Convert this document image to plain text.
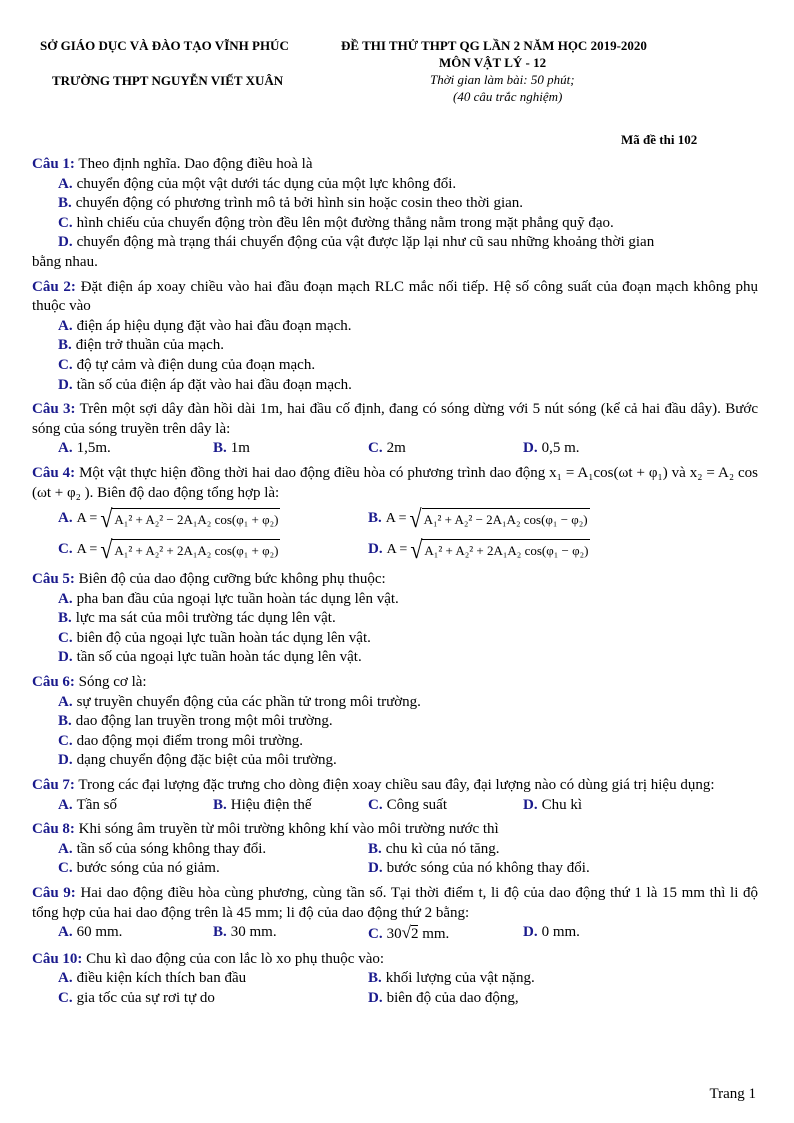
SỞ GIÁO DỤC VÀ ĐÀO TẠO VĨNH PHÚC
TRƯỜNG THPT NGUYỄN VIẾT XUÂN
ĐỀ THI THỬ THPT QG LẦN 2 NĂM HỌC 2019-2020
MÔN VẬT LÝ - 12
Thời gian làm bài: 50 phút;
(40 câu trắc nghiệm)
Mã đề thi 102
Câu 1: Theo định nghĩa. Dao động điều hoà là
A. chuyển động của một vật dưới tác dụng của một lực không đổi.
B. chuyển động có phương trình mô tả bởi hình sin hoặc cosin theo thời gian.
C. hình chiếu của chuyển động tròn đều lên một đường thẳng nằm trong mặt phẳng quỹ đạo.
D. chuyển động mà trạng thái chuyển động của vật được lặp lại như cũ sau những khoảng thời gian
bằng nhau.
Câu 2: Đặt điện áp xoay chiều vào hai đầu đoạn mạch RLC mắc nối tiếp. Hệ số công suất của đoạn mạch không phụ thuộc vào
A. điện áp hiệu dụng đặt vào hai đầu đoạn mạch.
B. điện trở thuần của mạch.
C. độ tự cảm và điện dung của đoạn mạch.
D. tần số của điện áp đặt vào hai đầu đoạn mạch.
Câu 3: Trên một sợi dây đàn hồi dài 1m, hai đầu cố định, đang có sóng dừng với 5 nút sóng (kể cả hai đầu dây). Bước sóng của sóng truyền trên dây là:
A. 1,5m.	B. 1m	C. 2m	D. 0,5 m.
Câu 4: Một vật thực hiện đồng thời hai dao động điều hòa có phương trình dao động x₁ = A₁cos(ωt + φ₁) và x₂ = A₂ cos (ωt + φ₂ ). Biên độ dao động tổng hợp là:
A. A = √ A₁² + A₂² − 2A₁A₂ cos(φ₁ + φ₂)	B. A = √ A₁² + A₂² − 2A₁A₂ cos(φ₁ − φ₂)
C. A = √ A₁² + A₂² + 2A₁A₂ cos(φ₁ + φ₂)	D. A = √ A₁² + A₂² + 2A₁A₂ cos(φ₁ − φ₂)
Câu 5: Biên độ của dao động cưỡng bức không phụ thuộc:
A. pha ban đầu của ngoại lực tuần hoàn tác dụng lên vật.
B. lực ma sát của môi trường tác dụng lên vật.
C. biên độ của ngoại lực tuần hoàn tác dụng lên vật.
D. tần số của ngoại lực tuần hoàn tác dụng lên vật.
Câu 6: Sóng cơ là:
A. sự truyền chuyển động của các phần tử trong môi trường.
B. dao động lan truyền trong một môi trường.
C. dao động mọi điểm trong môi trường.
D. dạng chuyển động đặc biệt của môi trường.
Câu 7: Trong các đại lượng đặc trưng cho dòng điện xoay chiều sau đây, đại lượng nào có dùng giá trị hiệu dụng:
A. Tần số	B. Hiệu điện thế	C. Công suất	D. Chu kì
Câu 8: Khi sóng âm truyền từ môi trường không khí vào môi trường nước thì
A. tần số của sóng không thay đổi.	B. chu kì của nó tăng.
C. bước sóng của nó giảm.	D. bước sóng của nó không thay đổi.
Câu 9: Hai dao động điều hòa cùng phương, cùng tần số. Tại thời điểm t, li độ của dao động thứ 1 là 15 mm thì li độ tổng hợp của hai dao động trên là 45 mm; li độ của dao động thứ 2 bằng:
A. 60 mm.	B. 30 mm.	C. 30√2 mm.	D. 0 mm.
Câu 10: Chu kì dao động của con lắc lò xo phụ thuộc vào:
A. điều kiện kích thích ban đầu	B. khối lượng của vật nặng.
C. gia tốc của sự rơi tự do	D. biên độ của dao động,
Trang 1
